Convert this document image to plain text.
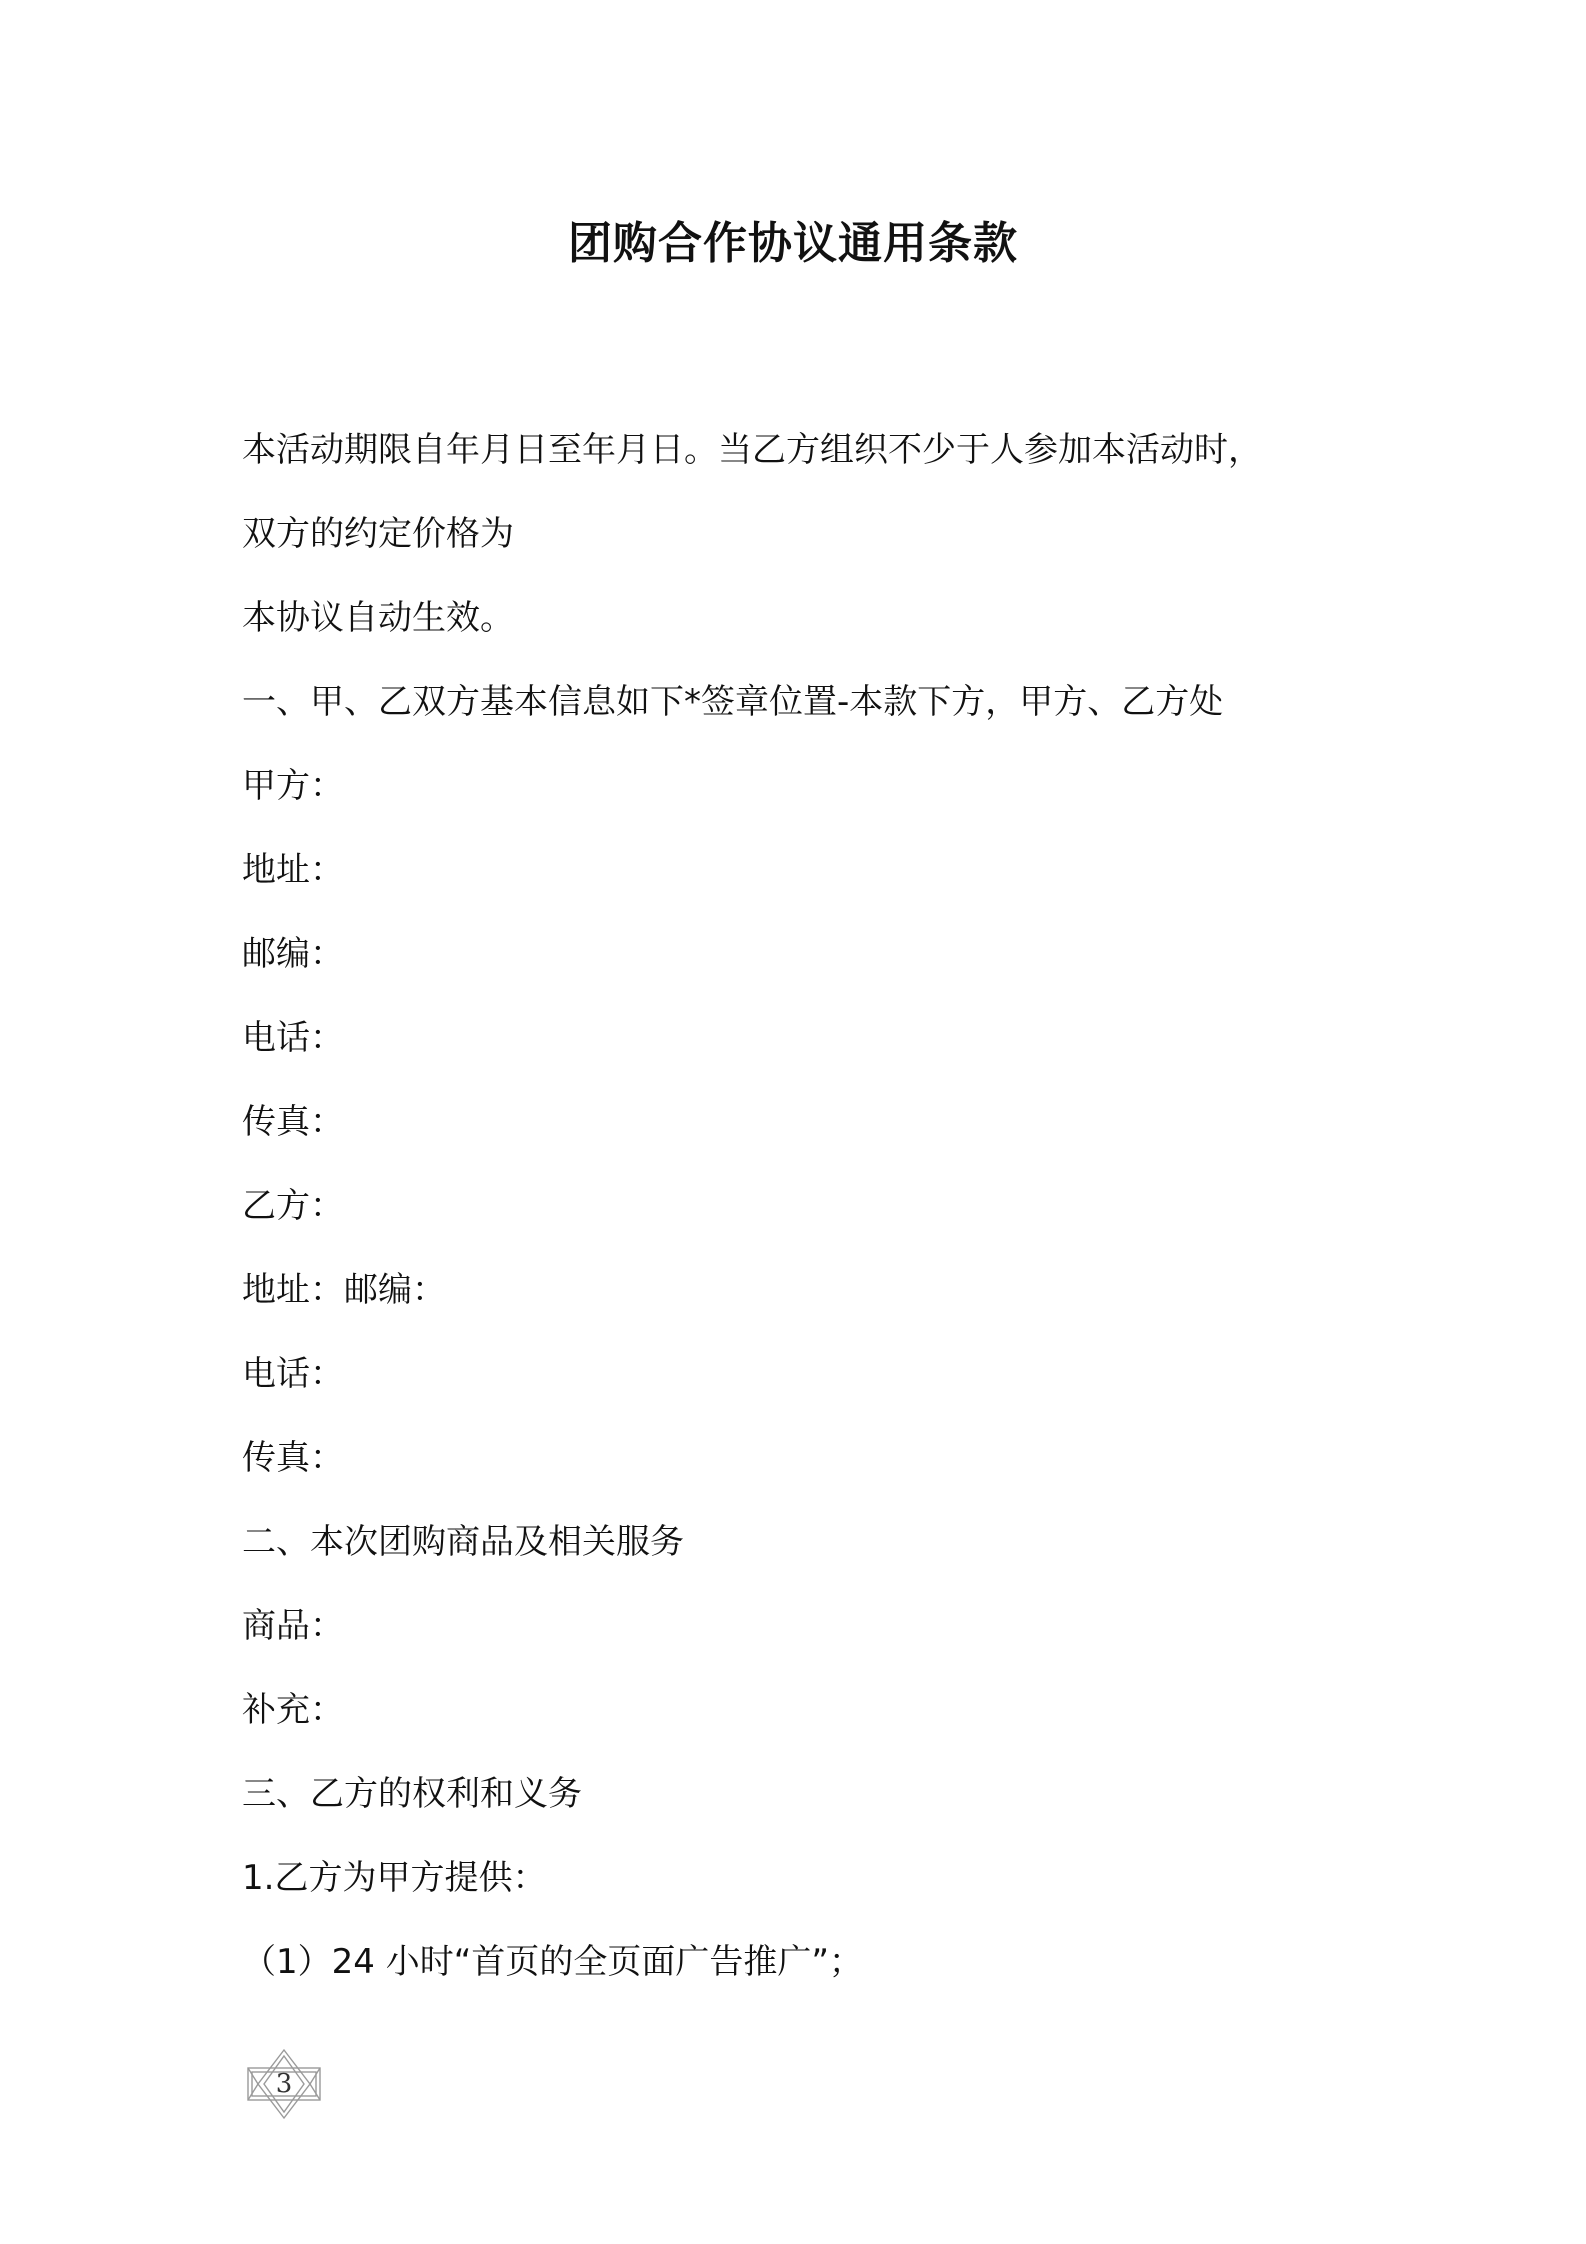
团购合作协议通用条款
本活动期限自年月日至年月日。当乙方组织不少于人参加本活动时，
双方的约定价格为
本协议自动生效。
一、甲、乙双方基本信息如下*签章位置-本款下方，甲方、乙方处
甲方：
地址：
邮编：
电话：
传真：
乙方：
地址：邮编：
电话：
传真：
二、本次团购商品及相关服务
商品：
补充：
三、乙方的权利和义务
1.乙方为甲方提供：
（1）24 小时“首页的全页面广告推广”；
3
